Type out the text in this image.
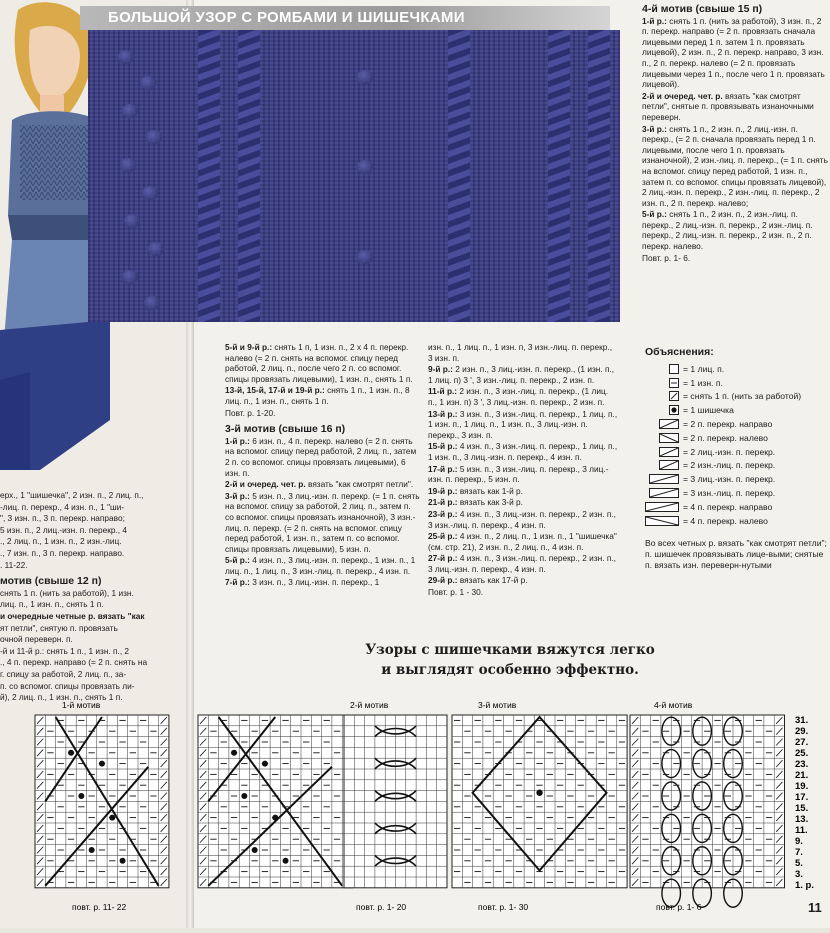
БОЛЬШОЙ УЗОР С РОМБАМИ И ШИШЕЧКАМИ

ерх., 1 "шишечка", 2 изн. п., 2 лиц. п.,

-лиц. п. перекр., 4 изн. п., 1 "ши-

", 3 изн. п., 3 п. перекр. направо;

5 изн. п., 2 лиц.-изн. п. перекр., 4

., 2 лиц. п., 1 изн. п., 2 изн.-лиц.

., 7 изн. п., 3 п. перекр. направо.

. 11-22.

мотив (свыше 12 п)

снять 1 п. (нить за работой), 1 изн.

лиц. п., 1 изн. п., снять 1 п.

и очередные четные р. вязать "как

ят петли", снятую п. провязать

очной переверн. п.

-й и 11-й р.: снять 1 п., 1 изн. п., 2

., 4 п. перекр. направо (= 2 п. снять на

г. спицу за работой, 2 лиц. п., за-

п. со вспомог. спицы провязать ли-

й), 2 лиц. п., 1 изн. п., снять 1 п.

5-й и 9-й р.: снять 1 п, 1 изн. п., 2 х 4 п. перекр. налево (= 2 п. снять на вспомог. спицу перед работой, 2 лиц. п., после чего 2 п. со вспомог. спицы провязать лицевыми), 1 изн. п., снять 1 п.

13-й, 15-й, 17-й и 19-й р.: снять 1 п., 1 изн. п., 8 лиц. п., 1 изн. п., снять 1 п.

Повт. р. 1-20.

3-й мотив (свыше 16 п)

1-й р.: 6 изн. п., 4 п. перекр. налево (= 2 п. снять на вспомог. спицу перед работой, 2 лиц. п., затем 2 п. со вспомог. спицы провязать лицевыми), 6 изн. п.

2-й и очеред. чет. р. вязать "как смотрят петли".

3-й р.: 5 изн. п., 3 лиц.-изн. п. перекр. (= 1 п. снять на вспомог. спицу за работой, 2 лиц. п., затем п. со вспомог. спицы провязать изнаночной), 3 изн.-лиц. п. перекр. (= 2 п. снять на вспомог. спицу перед работой, 1 изн. п., затем п. со вспомог. спицы провязать лицевыми), 5 изн. п.

5-й р.: 4 изн. п., 3 лиц.-изн. п. перекр., 1 изн. п., 1 лиц. п., 1 лиц. п., 3 изн.-лиц. п. перекр., 4 изн. п.

7-й р.: 3 изн. п., 3 лиц.-изн. п. перекр., 1

изн. п., 1 лиц. п., 1 изн. п, 3 изн.-лиц. п. перекр., 3 изн. п.

9-й р.: 2 изн. п., 3 лиц.-изн. п. перекр., (1 изн. п., 1 лиц. п) 3 ', 3 изн.-лиц. п. перекр., 2 изн. п.

11-й р.: 2 изн. п., 3 изн.-лиц. п. перекр., (1 лиц. п., 1 изн. п) 3 ', 3 лиц.-изн. п. перекр., 2 изн. п.

13-й р.: 3 изн. п., 3 изн.-лиц. п. перекр., 1 лиц. п., 1 изн. п., 1 лиц. п., 1 изн. п., 3 лиц.-изн. п. перекр., 3 изн. п.

15-й р.: 4 изн. п., 3 изн.-лиц. п. перекр., 1 лиц. п., 1 изн. п., 3 лиц.-изн. п. перекр., 4 изн. п.

17-й р.: 5 изн. п., 3 изн.-лиц. п. перекр., 3 лиц.-изн. п. перекр., 5 изн. п.

19-й р.: вязать как 1-й р.

21-й р.: вязать как 3-й р.

23-й р.: 4 изн. п., 3 лиц.-изн. п. перекр., 2 изн. п., 3 изн.-лиц. п. перекр., 4 изн. п.

25-й р.: 4 изн. п., 2 лиц. п., 1 изн. п., 1 "шишечка" (см. стр. 21), 2 изн. п., 2 лиц. п., 4 изн. п.

27-й р.: 4 изн. п., 3 изн.-лиц. п. перекр., 2 изн. п., 3 лиц.-изн. п. перекр., 4 изн. п.

29-й р.: вязать как 17-й р.

Повт. р. 1 - 30.

4-й мотив (свыше 15 п)

1-й р.: снять 1 п. (нить за работой), 3 изн. п., 2 п. перекр. направо (= 2 п. провязать сначала лицевыми перед 1 п. затем 1 п. провязать лицевой), 2 изн. п., 2 п. перекр. направо, 3 изн. п., 2 п. перекр. налево (= 2 п. провязать лицевыми через 1 п., после чего 1 п. провязать лицевой).

2-й и очеред. чет. р. вязать "как смотрят петли", снятые п. провязывать изнаночными переверн.

3-й р.: снять 1 п., 2 изн. п., 2 лиц.-изн. п. перекр., (= 2 п. сначала провязать перед 1 п. лицевыми, после чего 1 п. провязать изнаночной), 2 изн.-лиц. п. перекр., (= 1 п. снять на вспомог. спицу перед работой, 1 изн. п., затем п. со вспомог. спицы провязать лицевой), 2 лиц.-изн. п. перекр., 2 изн.-лиц. п. перекр., 2 изн. п., 2 п. перекр. налево;

5-й р.: снять 1 п., 2 изн. п., 2 изн.-лиц. п. перекр., 2 лиц.-изн. п. перекр., 2 изн.-лиц. п. перекр., 2 лиц.-изн. п. перекр., 2 изн. п., 2 п. перекр. налево.

Повт. р. 1- 6.

Объяснения:
= 1 лиц. п.
= 1 изн. п.
= снять 1 п. (нить за работой)
= 1 шишечка
= 2 п. перекр. направо
= 2 п. перекр. налево
= 2 лиц.-изн. п. перекр.
= 2 изн.-лиц. п. перекр.
= 3 лиц.-изн. п. перекр.
= 3 изн.-лиц. п. перекр.
= 4 п. перекр. направо
= 4 п. перекр. налево
Во всех четных р. вязать "как смотрят петли"; п. шишечек провязывать лице-выми; снятые п. вязать изн. переверн-нутыми
Узоры с шишечками вяжутся легко
и выглядят особенно эффектно.
1-й мотив	2-й мотив	3-й мотив	4-й мотив
повт. р. 11- 22	повт. р. 1- 20	повт. р. 1- 30	повт. р. 1- 6
31.
29.
27.
25.
23.
21.
19.
17.
15.
13.
11.
9.
7.
5.
3.
1. р.
11
